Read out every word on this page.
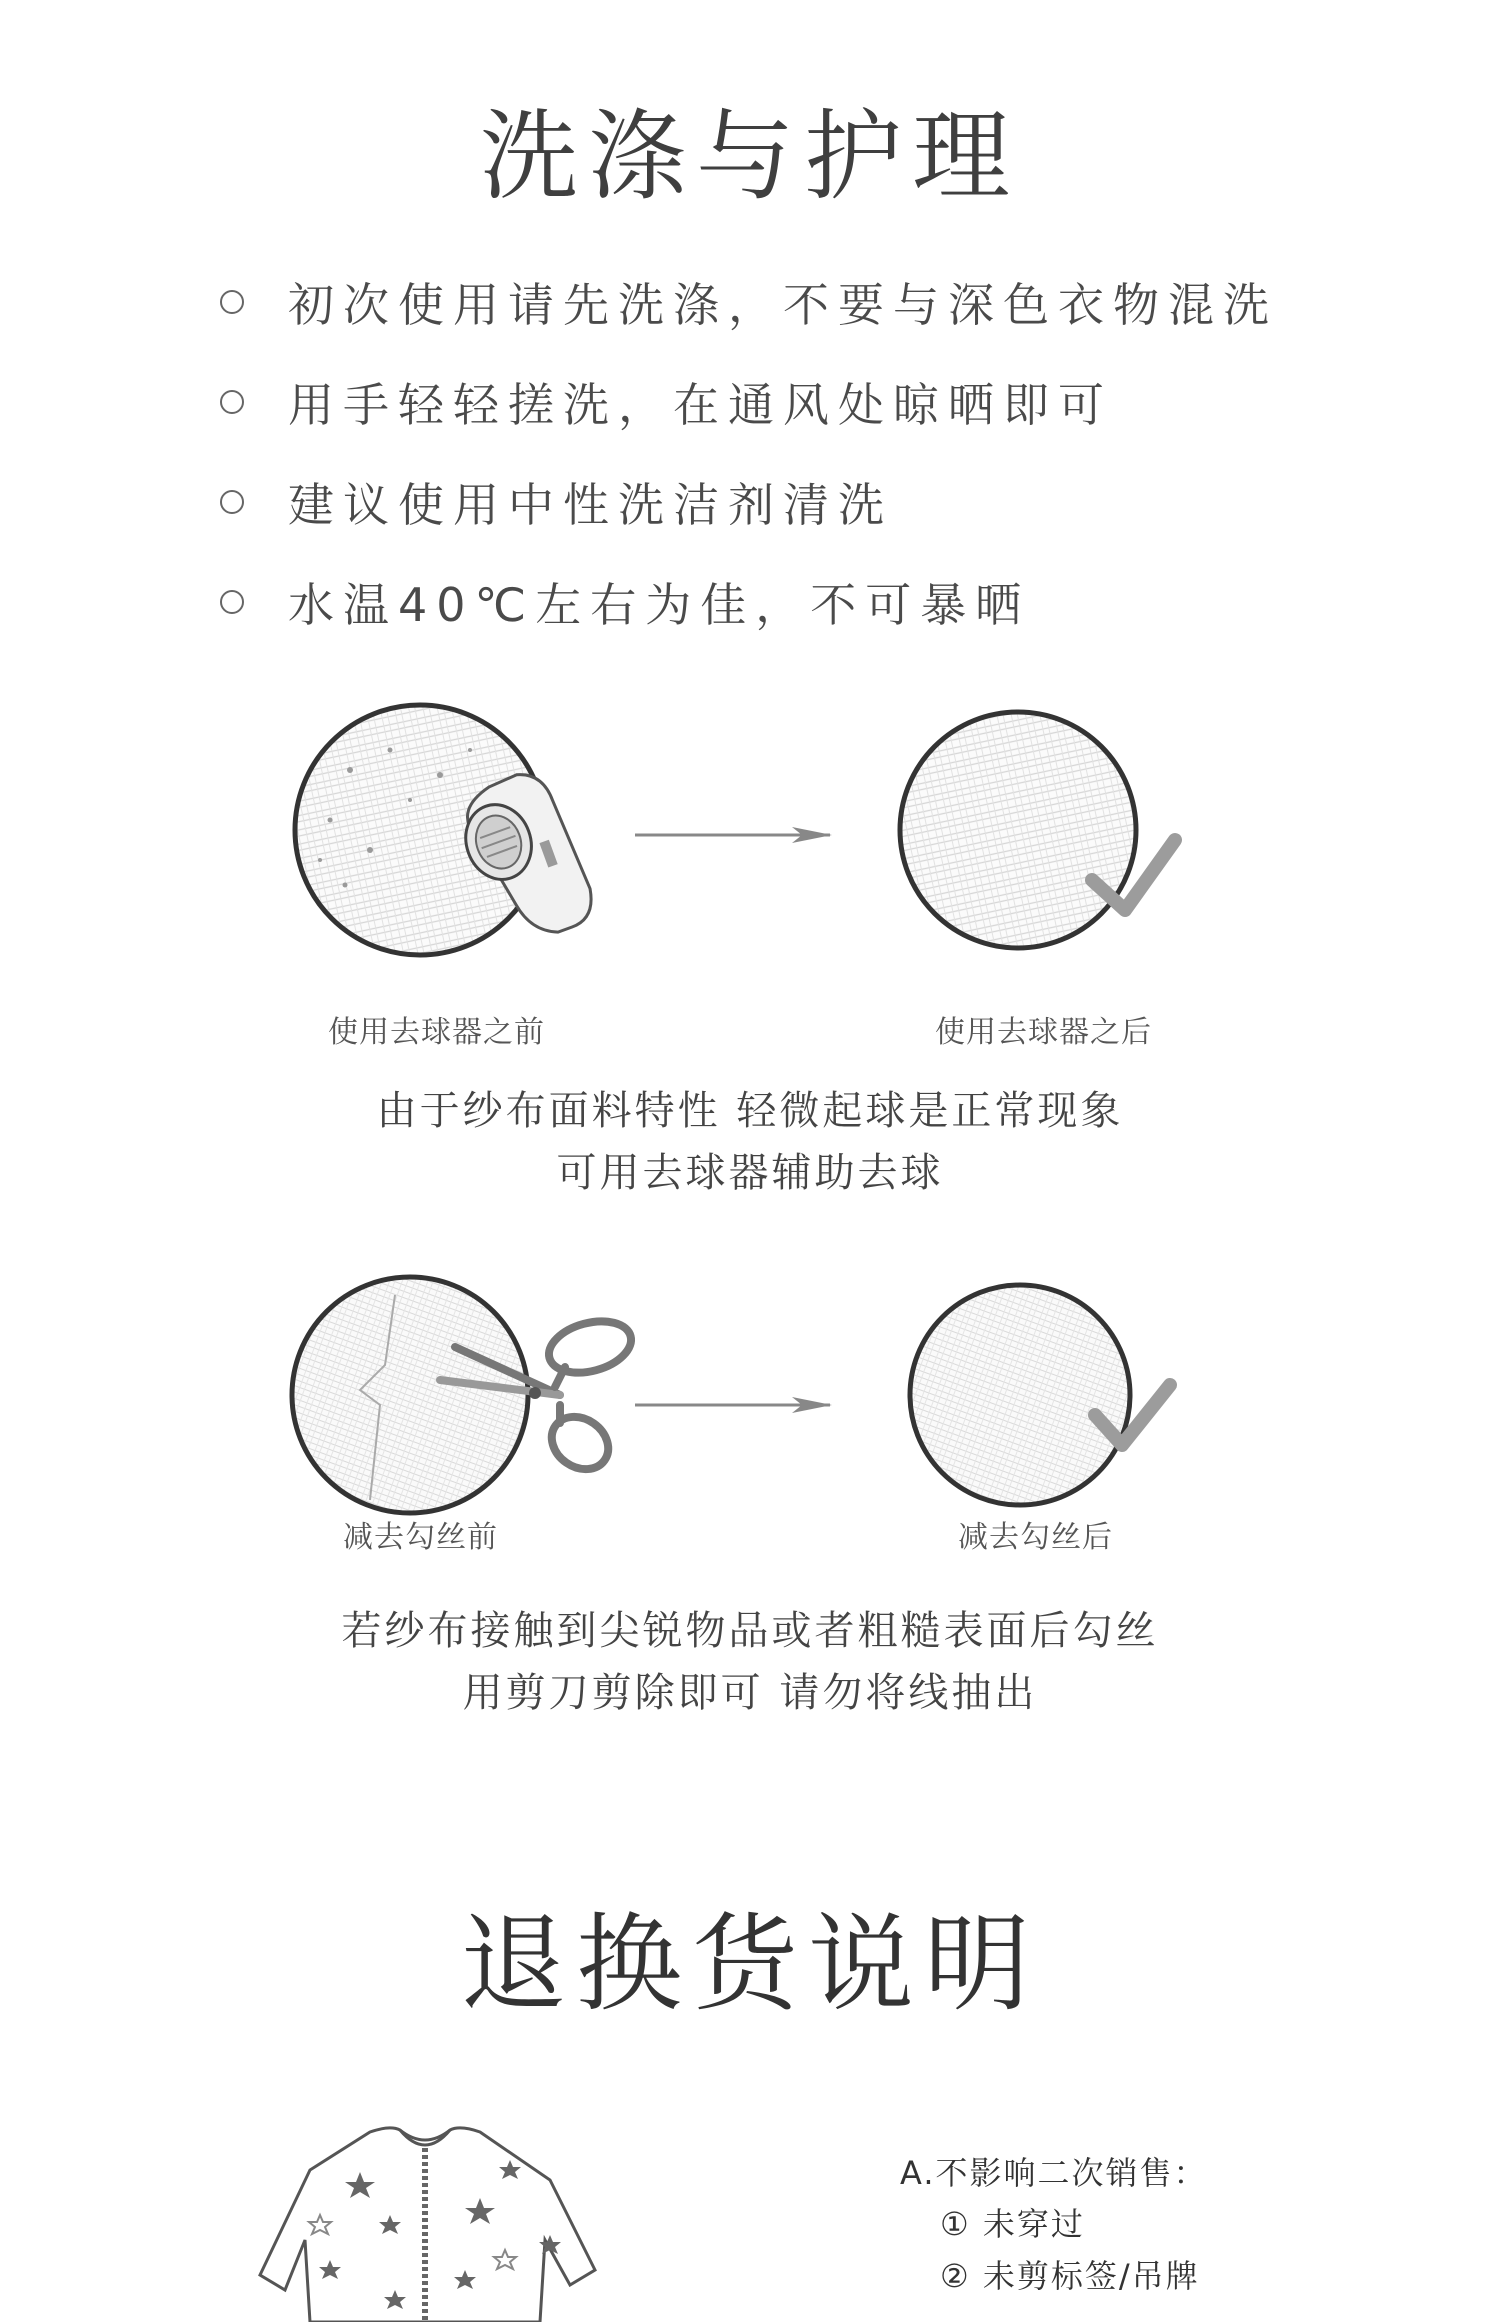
洗涤与护理
初次使用请先洗涤，不要与深色衣物混洗
用手轻轻搓洗，在通风处晾晒即可
建议使用中性洗洁剂清洗
水温40℃左右为佳，不可暴晒
使用去球器之前	使用去球器之后
由于纱布面料特性 轻微起球是正常现象
可用去球器辅助去球
减去勾丝前	减去勾丝后
若纱布接触到尖锐物品或者粗糙表面后勾丝
用剪刀剪除即可 请勿将线抽出
退换货说明
A.不影响二次销售：
① 未穿过
② 未剪标签/吊牌
